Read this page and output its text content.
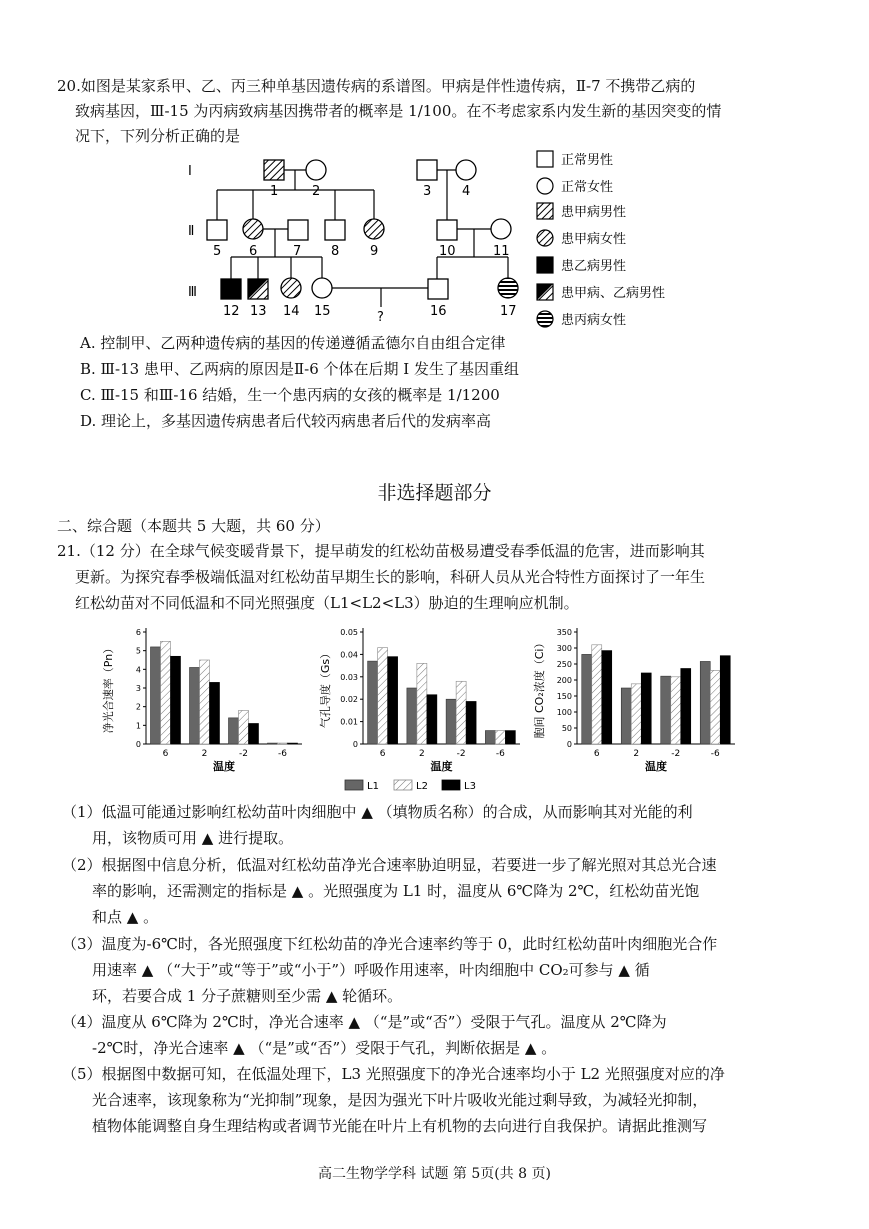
20.如图是某家系甲、乙、丙三种单基因遗传病的系谱图。甲病是伴性遗传病，Ⅱ-7 不携带乙病的
致病基因，Ⅲ-15 为丙病致病基因携带者的概率是 1/100。在不考虑家系内发生新的基因突变的情
况下，下列分析正确的是
Ⅰ
Ⅱ
Ⅲ
1	2	3 4
5 6	7 8 9	10	11
12 13 14 15	16	17
?
正常男性
正常女性
患甲病男性
患甲病女性
患乙病男性
患甲病、乙病男性
患丙病女性
A. 控制甲、乙两种遗传病的基因的传递遵循孟德尔自由组合定律
B. Ⅲ-13 患甲、乙两病的原因是Ⅱ-6 个体在后期 I 发生了基因重组
C. Ⅲ-15 和Ⅲ-16 结婚，生一个患丙病的女孩的概率是 1/1200
D. 理论上，多基因遗传病患者后代较丙病患者后代的发病率高
非选择题部分
二、综合题（本题共 5 大题，共 60 分）
21.（12 分）在全球气候变暖背景下，提早萌发的红松幼苗极易遭受春季低温的危害，进而影响其
更新。为探究春季极端低温对红松幼苗早期生长的影响，科研人员从光合特性方面探讨了一年生
红松幼苗对不同低温和不同光照强度（L1<L2<L3）胁迫的生理响应机制。
0
1
2
3
4
5
6
净光合速率（Pn）
6	2	-2	-6
温度
0
0.01
0.02
0.03
0.04
0.05
气孔导度（Gs）
6	2	-2	-6
温度
0
50
100
150
200
250
300
350
胞间 CO₂浓度（Ci）
6	2	-2	-6
温度
L1	L2	L3
（1）低温可能通过影响红松幼苗叶肉细胞中 ▲ （填物质名称）的合成，从而影响其对光能的利
用，该物质可用 ▲ 进行提取。
（2）根据图中信息分析，低温对红松幼苗净光合速率胁迫明显，若要进一步了解光照对其总光合速
率的影响，还需测定的指标是 ▲ 。光照强度为 L1 时，温度从 6℃降为 2℃，红松幼苗光饱
和点 ▲ 。
（3）温度为-6℃时，各光照强度下红松幼苗的净光合速率约等于 0，此时红松幼苗叶肉细胞光合作
用速率 ▲ （“大于”或“等于”或“小于”）呼吸作用速率，叶肉细胞中 CO₂可参与 ▲ 循
环，若要合成 1 分子蔗糖则至少需 ▲ 轮循环。
（4）温度从 6℃降为 2℃时，净光合速率 ▲ （“是”或“否”）受限于气孔。温度从 2℃降为
-2℃时，净光合速率 ▲ （“是”或“否”）受限于气孔，判断依据是 ▲ 。
（5）根据图中数据可知，在低温处理下，L3 光照强度下的净光合速率均小于 L2 光照强度对应的净
光合速率，该现象称为“光抑制”现象，是因为强光下叶片吸收光能过剩导致，为减轻光抑制，
植物体能调整自身生理结构或者调节光能在叶片上有机物的去向进行自我保护。请据此推测写
高二生物学学科 试题 第 5页(共 8 页)
